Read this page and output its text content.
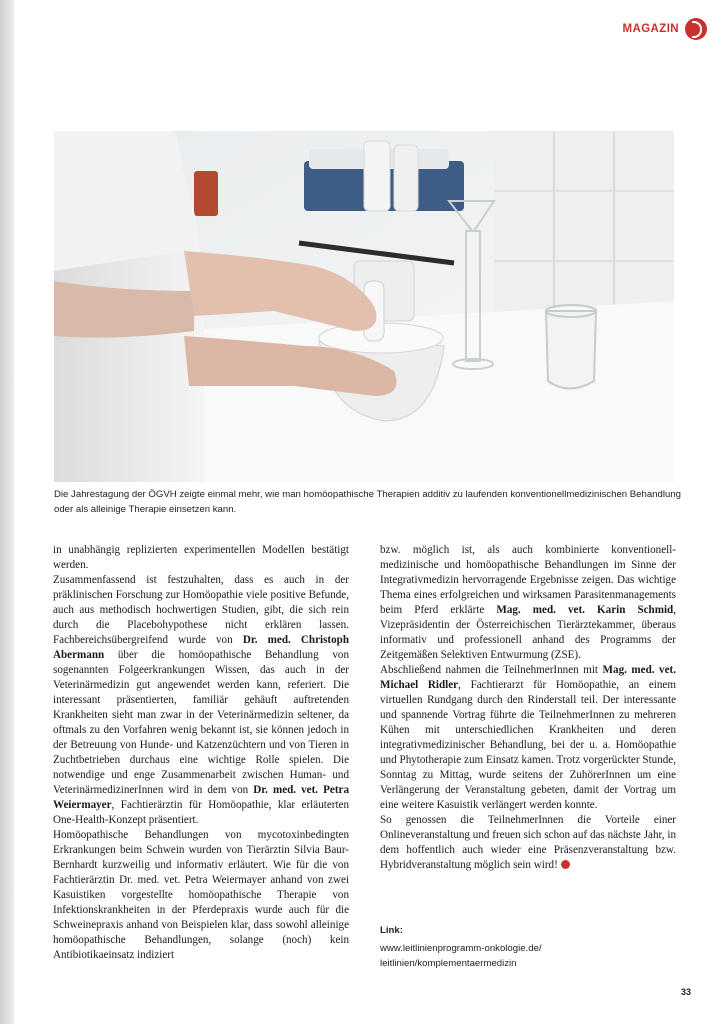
MAGAZIN
Die Jahrestagung der ÖGVH zeigte einmal mehr, wie man homöopathische Therapien additiv zu laufenden konventionellmedizinischen Behandlung oder als alleinige Therapie einsetzen kann.

in unabhängig replizierten experimentellen Modellen bestätigt werden.

Zusammenfassend ist festzuhalten, dass es auch in der präklinischen Forschung zur Homöopathie viele positive Befunde, auch aus methodisch hochwertigen Studien, gibt, die sich rein durch die Placebohypothese nicht erklären lassen. Fachbereichsübergreifend wurde von Dr. med. Christoph Abermann über die homöopathische Behandlung von sogenannten Folgeerkrankungen Wissen, das auch in der Veterinärmedizin gut angewendet werden kann, referiert. Die interessant präsentierten, familiär gehäuft auftretenden Krankheiten sieht man zwar in der Veterinärmedizin seltener, da oftmals zu den Vorfahren wenig bekannt ist, sie können jedoch in der Betreuung von Hunde- und Katzenzüchtern und von Tieren in Zuchtbetrieben durchaus eine wichtige Rolle spielen. Die notwendige und enge Zusammenarbeit zwischen Human- und VeterinärmedizinerInnen wird in dem von Dr. med. vet. Petra Weiermayer, Fachtierärztin für Homöopathie, klar erläuterten One-Health-Konzept präsentiert.

Homöopathische Behandlungen von mycotoxinbedingten Erkrankungen beim Schwein wurden von Tierärztin Silvia Baur-Bernhardt kurzweilig und informativ erläutert. Wie für die von Fachtierärztin Dr. med. vet. Petra Weiermayer anhand von zwei Kasuistiken vorgestellte homöopathische Therapie von Infektionskrankheiten in der Pferdepraxis wurde auch für die Schweinepraxis anhand von Beispielen klar, dass sowohl alleinige homöopathische Behandlungen, solange (noch) kein Antibiotikaeinsatz indiziert

bzw. möglich ist, als auch kombinierte konventionell-medizinische und homöopathische Behandlungen im Sinne der Integrativmedizin hervorragende Ergebnisse zeigen. Das wichtige Thema eines erfolgreichen und wirksamen Parasitenmanagements beim Pferd erklärte Mag. med. vet. Karin Schmid, Vizepräsidentin der Österreichischen Tierärztekammer, überaus informativ und professionell anhand des Programms der Zeitgemäßen Selektiven Entwurmung (ZSE).

Abschließend nahmen die TeilnehmerInnen mit Mag. med. vet. Michael Ridler, Fachtierarzt für Homöopathie, an einem virtuellen Rundgang durch den Rinderstall teil. Der interessante und spannende Vortrag führte die TeilnehmerInnen zu mehreren Kühen mit unterschiedlichen Krankheiten und deren integrativmedizinischer Behandlung, bei der u. a. Homöopathie und Phytotherapie zum Einsatz kamen. Trotz vorgerückter Stunde, Sonntag zu Mittag, wurde seitens der ZuhörerInnen um eine Verlängerung der Veranstaltung gebeten, damit der Vortrag um eine weitere Kasuistik verlängert werden konnte.

So genossen die TeilnehmerInnen die Vorteile einer Onlineveranstaltung und freuen sich schon auf das nächste Jahr, in dem hoffentlich auch wieder eine Präsenzveranstaltung bzw. Hybridveranstaltung möglich sein wird!

Link:
www.leitlinienprogramm-onkologie.de/
leitlinien/komplementaermedizin
33
